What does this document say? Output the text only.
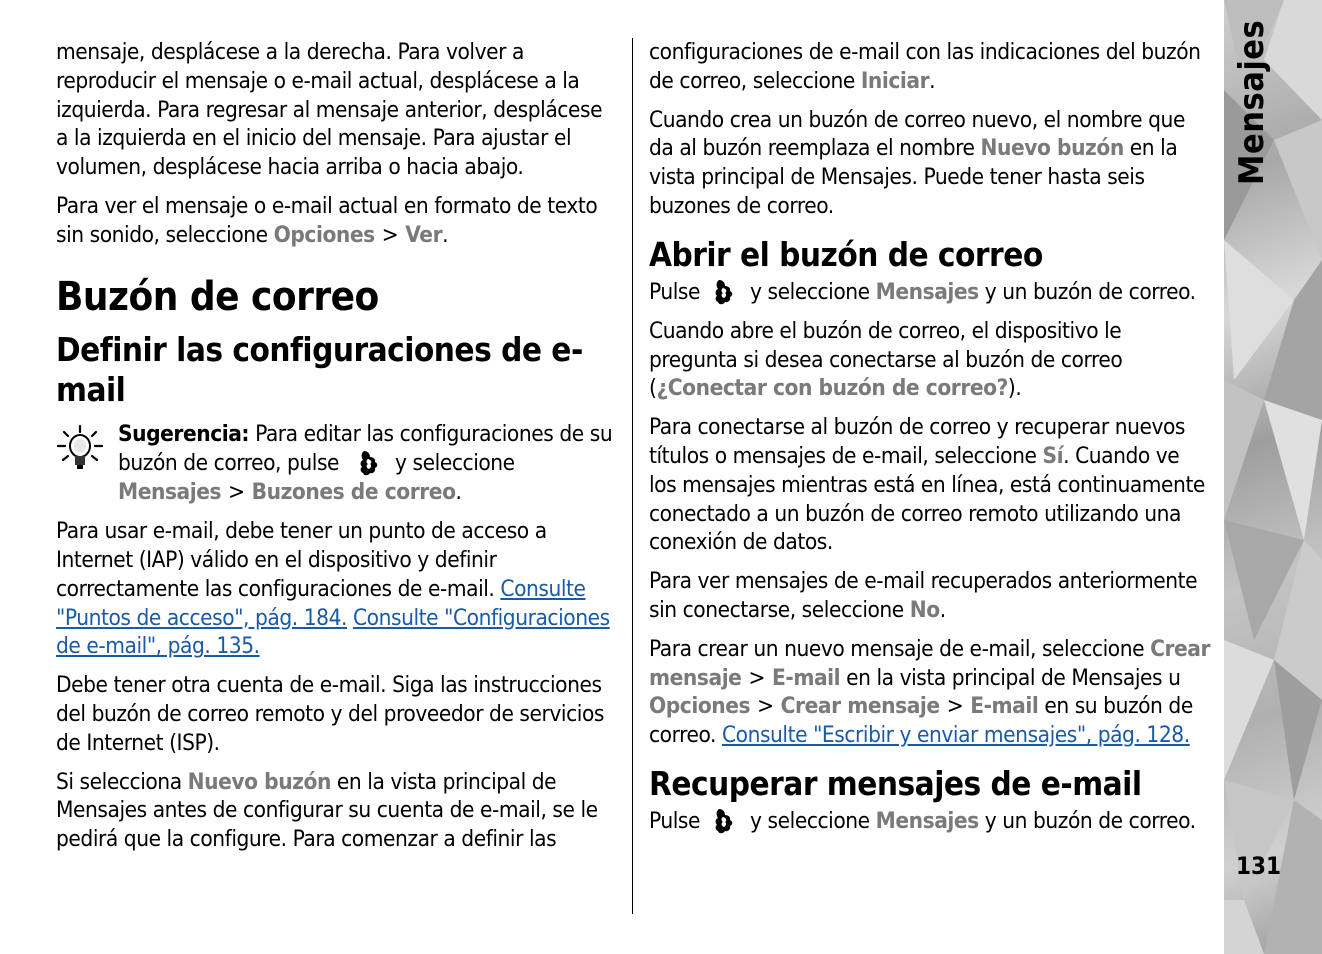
mensaje, desplácese a la derecha. Para volver a reproducir el mensaje o e-mail actual, desplácese a la izquierda. Para regresar al mensaje anterior, desplácese a la izquierda en el inicio del mensaje. Para ajustar el volumen, desplácese hacia arriba o hacia abajo.

Para ver el mensaje o e-mail actual en formato de texto sin sonido, seleccione Opciones > Ver.

Buzón de correo
Definir las configuraciones de e-mail

Sugerencia: Para editar las configuraciones de su buzón de correo, pulse y seleccione Mensajes > Buzones de correo.

Para usar e-mail, debe tener un punto de acceso a Internet (IAP) válido en el dispositivo y definir correctamente las configuraciones de e-mail. Consulte "Puntos de acceso", pág. 184. Consulte "Configuraciones de e-mail", pág. 135.

Debe tener otra cuenta de e-mail. Siga las instrucciones del buzón de correo remoto y del proveedor de servicios de Internet (ISP).

Si selecciona Nuevo buzón en la vista principal de Mensajes antes de configurar su cuenta de e-mail, se le pedirá que la configure. Para comenzar a definir las

configuraciones de e-mail con las indicaciones del buzón de correo, seleccione Iniciar.

Cuando crea un buzón de correo nuevo, el nombre que da al buzón reemplaza el nombre Nuevo buzón en la vista principal de Mensajes. Puede tener hasta seis buzones de correo.

Abrir el buzón de correo

Pulse y seleccione Mensajes y un buzón de correo.

Cuando abre el buzón de correo, el dispositivo le pregunta si desea conectarse al buzón de correo (¿Conectar con buzón de correo?).

Para conectarse al buzón de correo y recuperar nuevos títulos o mensajes de e-mail, seleccione Sí. Cuando ve los mensajes mientras está en línea, está continuamente conectado a un buzón de correo remoto utilizando una conexión de datos.

Para ver mensajes de e-mail recuperados anteriormente sin conectarse, seleccione No.

Para crear un nuevo mensaje de e-mail, seleccione Crear mensaje > E-mail en la vista principal de Mensajes u Opciones > Crear mensaje > E-mail en su buzón de correo. Consulte "Escribir y enviar mensajes", pág. 128.

Recuperar mensajes de e-mail

Pulse y seleccione Mensajes y un buzón de correo.

Mensajes
131
